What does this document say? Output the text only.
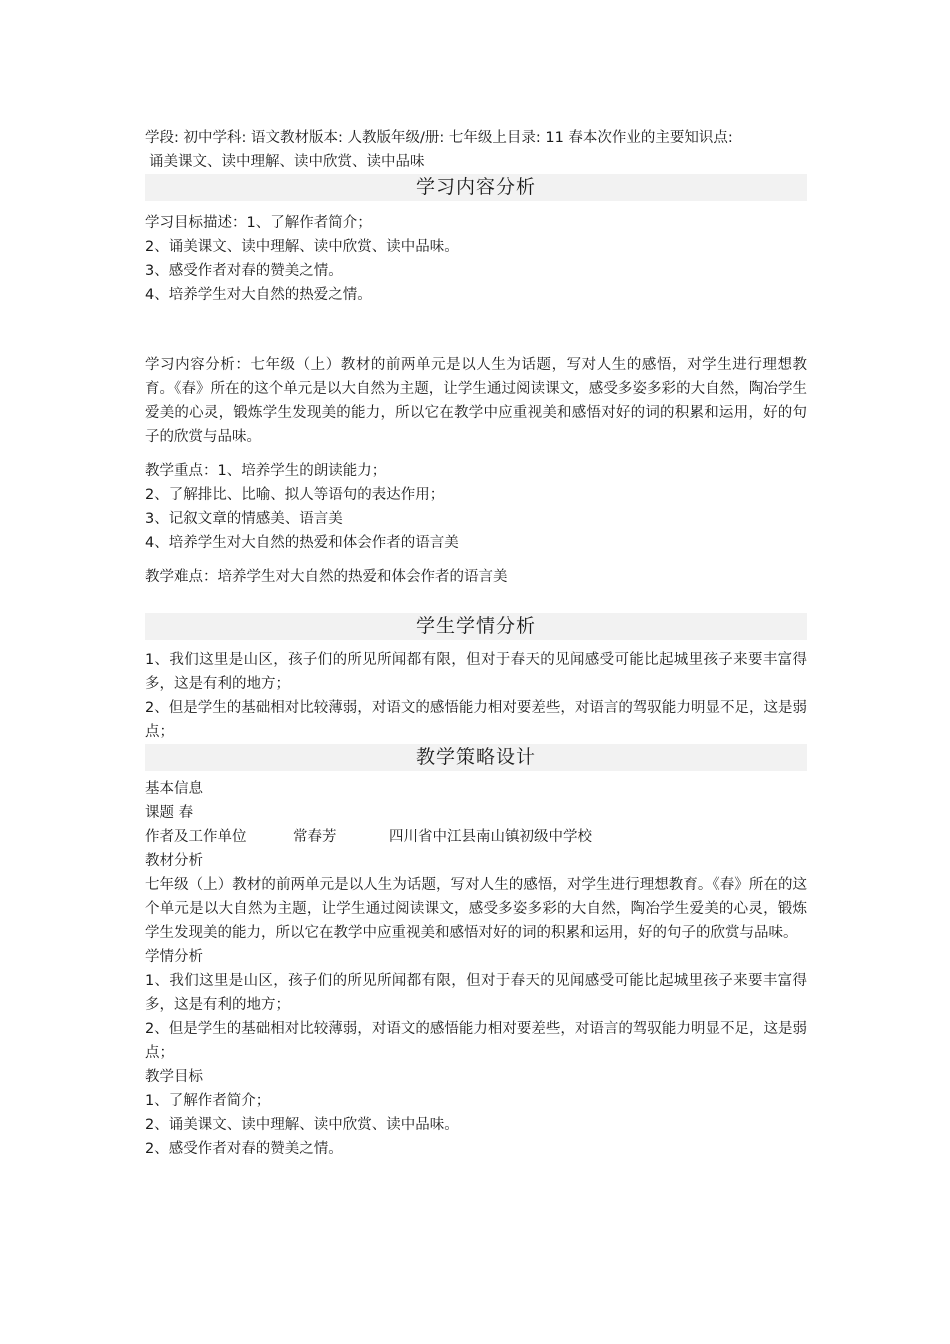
学段: 初中学科: 语文教材版本: 人教版年级/册: 七年级上目录: 11 春本次作业的主要知识点:
诵美课文、读中理解、读中欣赏、读中品味
学习内容分析
学习目标描述：1、了解作者简介；
2、诵美课文、读中理解、读中欣赏、读中品味。
3、感受作者对春的赞美之情。
4、培养学生对大自然的热爱之情。
学习内容分析：七年级（上）教材的前两单元是以人生为话题，写对人生的感悟，对学生进行理想教育。《春》所在的这个单元是以大自然为主题，让学生通过阅读课文，感受多姿多彩的大自然，陶冶学生爱美的心灵，锻炼学生发现美的能力，所以它在教学中应重视美和感悟对好的词的积累和运用，好的句子的欣赏与品味。
教学重点：1、培养学生的朗读能力；
2、了解排比、比喻、拟人等语句的表达作用；
3、记叙文章的情感美、语言美
4、培养学生对大自然的热爱和体会作者的语言美
教学难点：培养学生对大自然的热爱和体会作者的语言美
学生学情分析
1、我们这里是山区，孩子们的所见所闻都有限，但对于春天的见闻感受可能比起城里孩子来要丰富得多，这是有利的地方；
2、但是学生的基础相对比较薄弱，对语文的感悟能力相对要差些，对语言的驾驭能力明显不足，这是弱点；
教学策略设计
基本信息
课题 春
作者及工作单位	常春芳	四川省中江县南山镇初级中学校
教材分析
七年级（上）教材的前两单元是以人生为话题，写对人生的感悟，对学生进行理想教育。《春》所在的这个单元是以大自然为主题，让学生通过阅读课文，感受多姿多彩的大自然，陶冶学生爱美的心灵，锻炼学生发现美的能力，所以它在教学中应重视美和感悟对好的词的积累和运用，好的句子的欣赏与品味。
学情分析
1、我们这里是山区，孩子们的所见所闻都有限，但对于春天的见闻感受可能比起城里孩子来要丰富得多，这是有利的地方；
2、但是学生的基础相对比较薄弱，对语文的感悟能力相对要差些，对语言的驾驭能力明显不足，这是弱点；
教学目标
1、了解作者简介；
2、诵美课文、读中理解、读中欣赏、读中品味。
2、感受作者对春的赞美之情。
